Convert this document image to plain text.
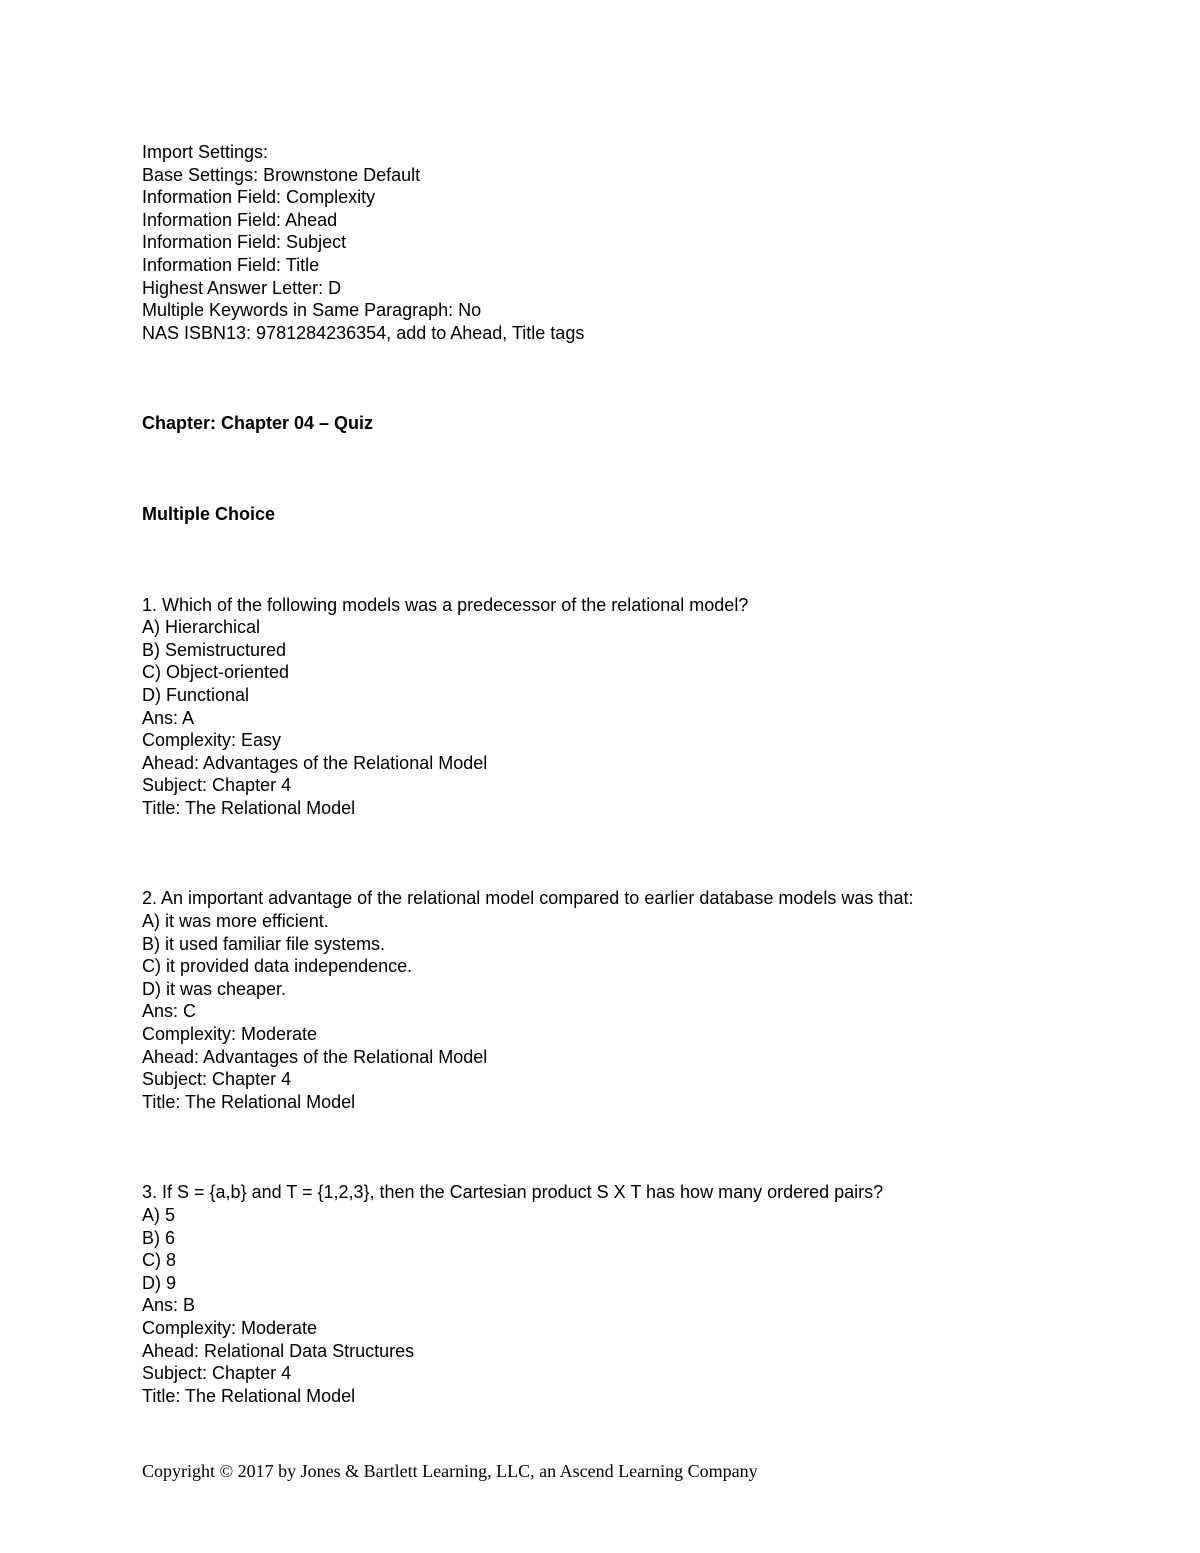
Import Settings:
Base Settings: Brownstone Default
Information Field: Complexity
Information Field: Ahead
Information Field: Subject
Information Field: Title
Highest Answer Letter: D
Multiple Keywords in Same Paragraph: No
NAS ISBN13: 9781284236354, add to Ahead, Title tags
Chapter: Chapter 04 – Quiz
Multiple Choice
1. Which of the following models was a predecessor of the relational model?
A) Hierarchical
B) Semistructured
C) Object-oriented
D) Functional
Ans: A
Complexity: Easy
Ahead: Advantages of the Relational Model
Subject: Chapter 4
Title: The Relational Model
2. An important advantage of the relational model compared to earlier database models was that:
A) it was more efficient.
B) it used familiar file systems.
C) it provided data independence.
D) it was cheaper.
Ans: C
Complexity: Moderate
Ahead: Advantages of the Relational Model
Subject: Chapter 4
Title: The Relational Model
3. If S = {a,b} and T = {1,2,3}, then the Cartesian product S X T has how many ordered pairs?
A) 5
B) 6
C) 8
D) 9
Ans: B
Complexity: Moderate
Ahead: Relational Data Structures
Subject: Chapter 4
Title: The Relational Model
Copyright © 2017 by Jones & Bartlett Learning, LLC, an Ascend Learning Company
